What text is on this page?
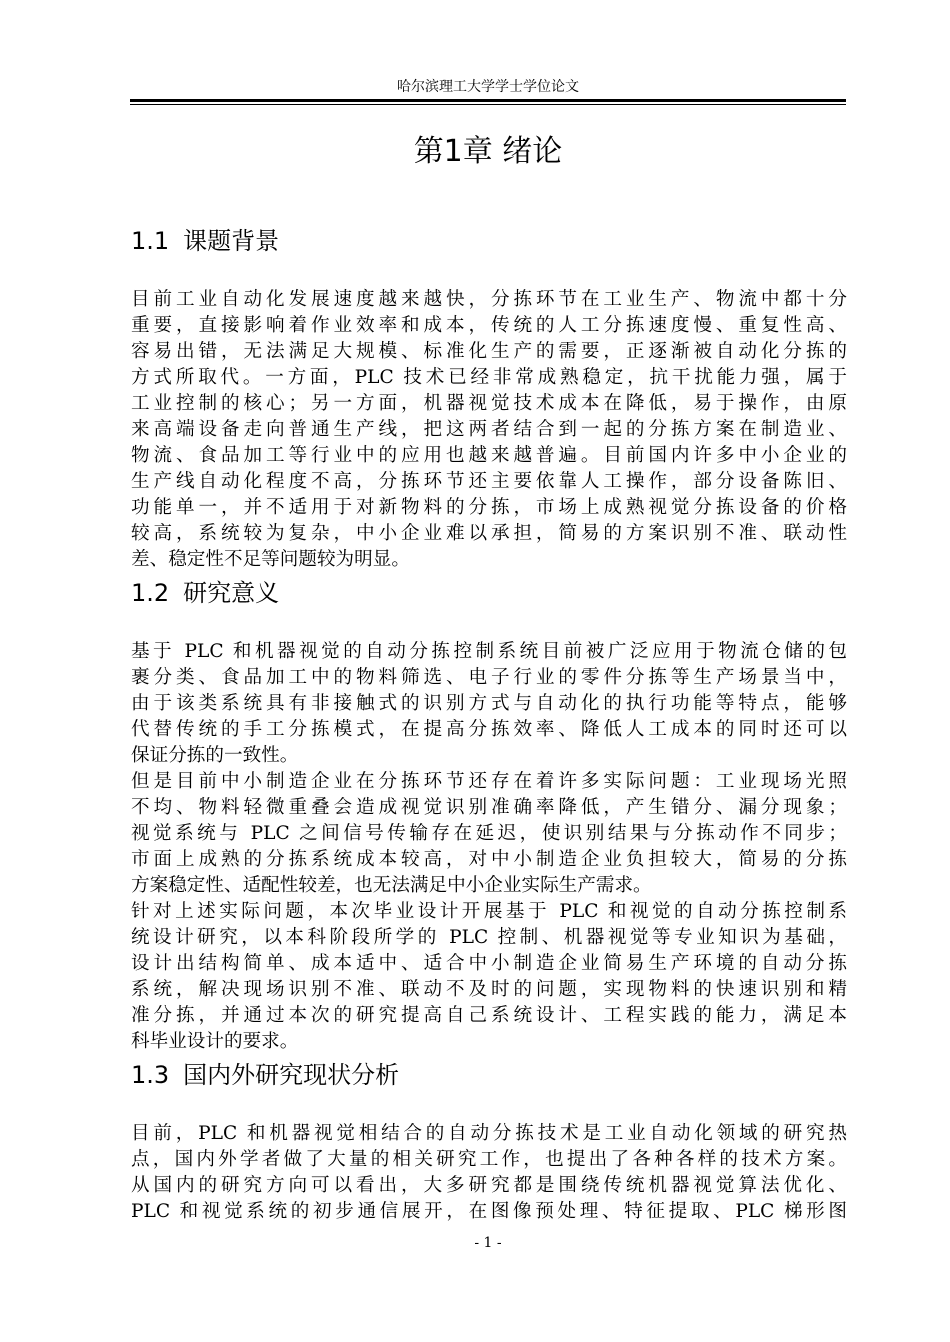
哈尔滨理工大学学士学位论文
第1章 绪论
1.1 课题背景
目前工业自动化发展速度越来越快，分拣环节在工业生产、物流中都十分
重要，直接影响着作业效率和成本，传统的人工分拣速度慢、重复性高、
容易出错，无法满足大规模、标准化生产的需要，正逐渐被自动化分拣的
方式所取代。一方面，PLC 技术已经非常成熟稳定，抗干扰能力强，属于
工业控制的核心；另一方面，机器视觉技术成本在降低，易于操作，由原
来高端设备走向普通生产线，把这两者结合到一起的分拣方案在制造业、
物流、食品加工等行业中的应用也越来越普遍。目前国内许多中小企业的
生产线自动化程度不高，分拣环节还主要依靠人工操作，部分设备陈旧、
功能单一，并不适用于对新物料的分拣，市场上成熟视觉分拣设备的价格
较高，系统较为复杂，中小企业难以承担，简易的方案识别不准、联动性
差、稳定性不足等问题较为明显。
1.2 研究意义
基于 PLC 和机器视觉的自动分拣控制系统目前被广泛应用于物流仓储的包
裹分类、食品加工中的物料筛选、电子行业的零件分拣等生产场景当中，
由于该类系统具有非接触式的识别方式与自动化的执行功能等特点，能够
代替传统的手工分拣模式，在提高分拣效率、降低人工成本的同时还可以
保证分拣的一致性。
但是目前中小制造企业在分拣环节还存在着许多实际问题：工业现场光照
不均、物料轻微重叠会造成视觉识别准确率降低，产生错分、漏分现象；
视觉系统与 PLC 之间信号传输存在延迟，使识别结果与分拣动作不同步；
市面上成熟的分拣系统成本较高，对中小制造企业负担较大，简易的分拣
方案稳定性、适配性较差，也无法满足中小企业实际生产需求。
针对上述实际问题，本次毕业设计开展基于 PLC 和视觉的自动分拣控制系
统设计研究，以本科阶段所学的 PLC 控制、机器视觉等专业知识为基础，
设计出结构简单、成本适中、适合中小制造企业简易生产环境的自动分拣
系统，解决现场识别不准、联动不及时的问题，实现物料的快速识别和精
准分拣，并通过本次的研究提高自己系统设计、工程实践的能力，满足本
科毕业设计的要求。
1.3 国内外研究现状分析
目前，PLC 和机器视觉相结合的自动分拣技术是工业自动化领域的研究热
点，国内外学者做了大量的相关研究工作，也提出了各种各样的技术方案。
从国内的研究方向可以看出，大多研究都是围绕传统机器视觉算法优化、
PLC 和视觉系统的初步通信展开，在图像预处理、特征提取、PLC 梯形图
- 1 -
